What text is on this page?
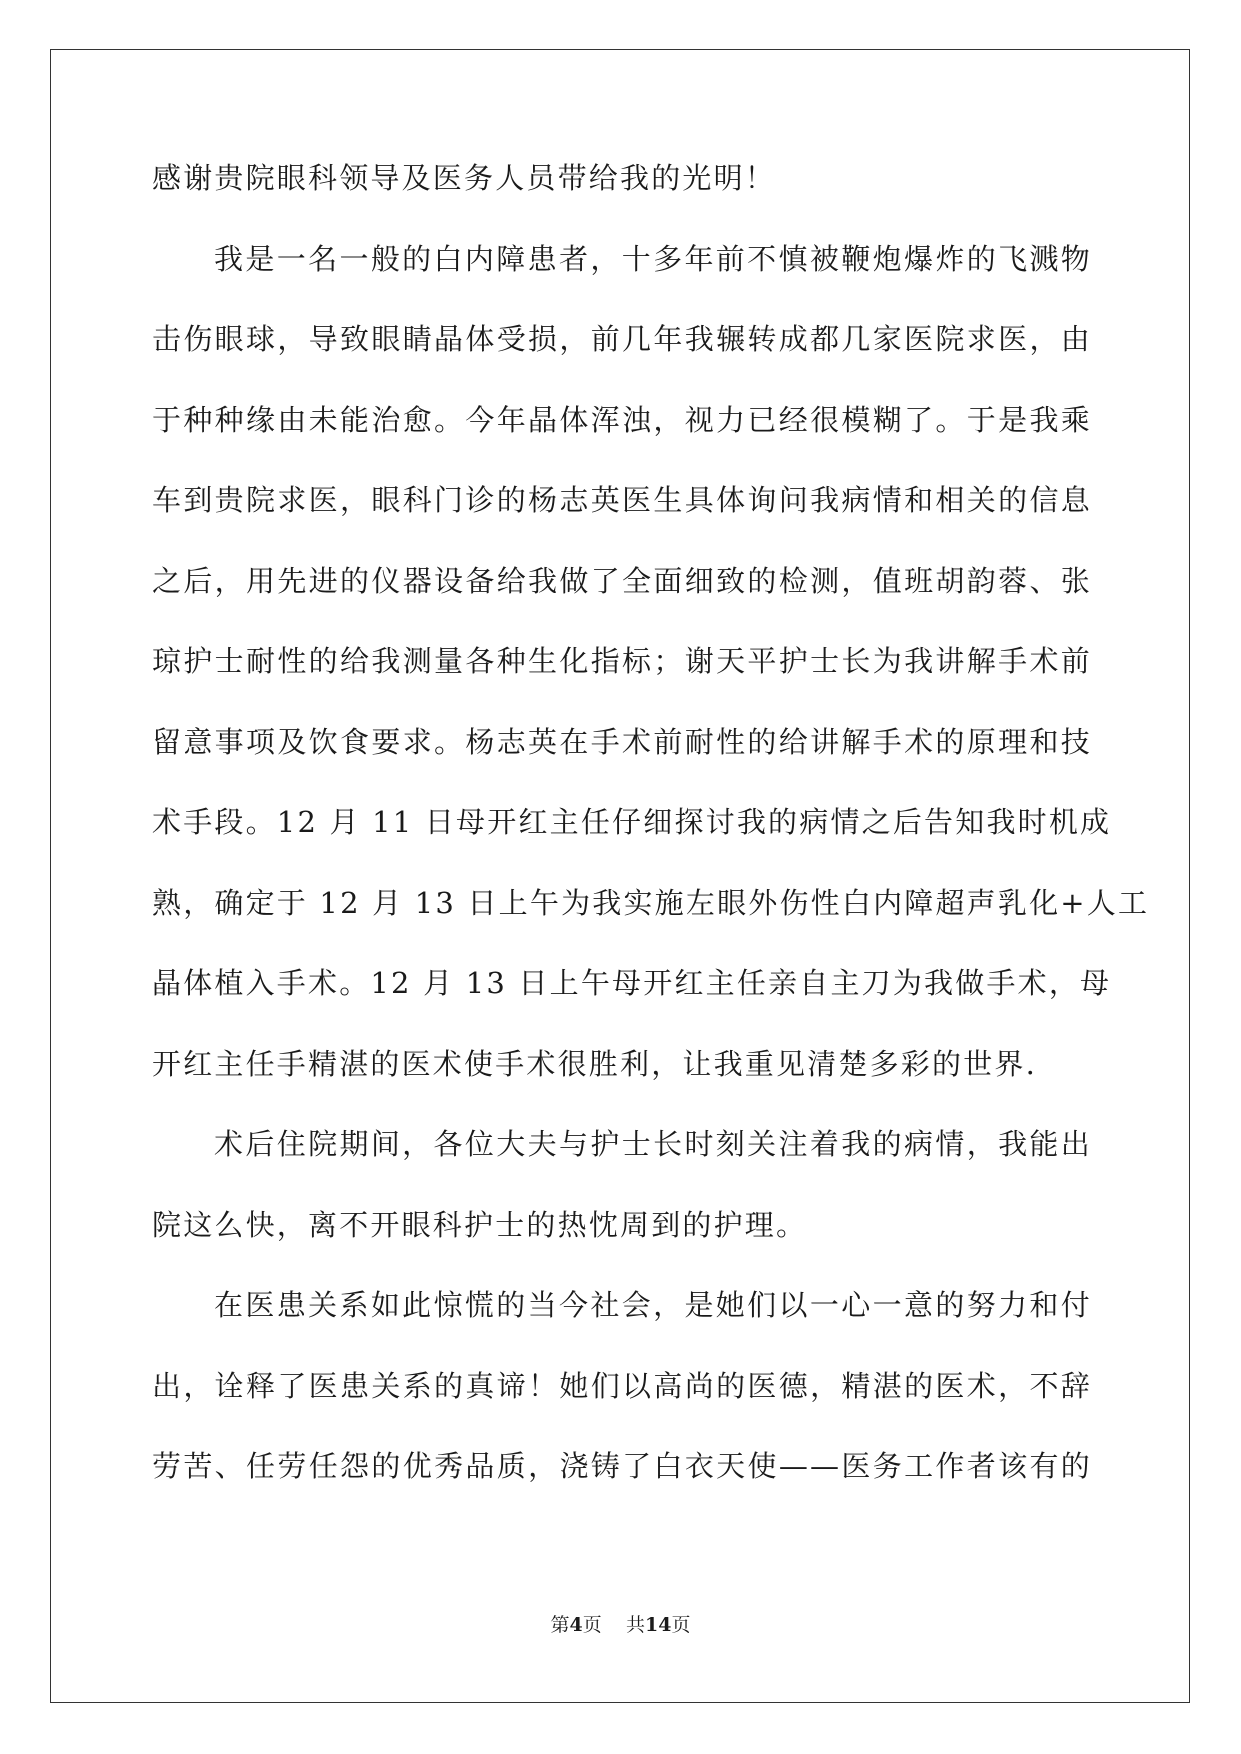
感谢贵院眼科领导及医务人员带给我的光明！
我是一名一般的白内障患者，十多年前不慎被鞭炮爆炸的飞溅物
击伤眼球，导致眼睛晶体受损，前几年我辗转成都几家医院求医，由
于种种缘由未能治愈。今年晶体浑浊，视力已经很模糊了。于是我乘
车到贵院求医，眼科门诊的杨志英医生具体询问我病情和相关的信息
之后，用先进的仪器设备给我做了全面细致的检测，值班胡韵蓉、张
琼护士耐性的给我测量各种生化指标；谢天平护士长为我讲解手术前
留意事项及饮食要求。杨志英在手术前耐性的给讲解手术的原理和技
术手段。12 月 11 日母开红主任仔细探讨我的病情之后告知我时机成
熟，确定于 12 月 13 日上午为我实施左眼外伤性白内障超声乳化+人工
晶体植入手术。12 月 13 日上午母开红主任亲自主刀为我做手术，母
开红主任手精湛的医术使手术很胜利，让我重见清楚多彩的世界.
术后住院期间，各位大夫与护士长时刻关注着我的病情，我能出
院这么快，离不开眼科护士的热忱周到的护理。
在医患关系如此惊慌的当今社会，是她们以一心一意的努力和付
出，诠释了医患关系的真谛！她们以高尚的医德，精湛的医术，不辞
劳苦、任劳任怨的优秀品质，浇铸了白衣天使——医务工作者该有的
第4页 共14页
